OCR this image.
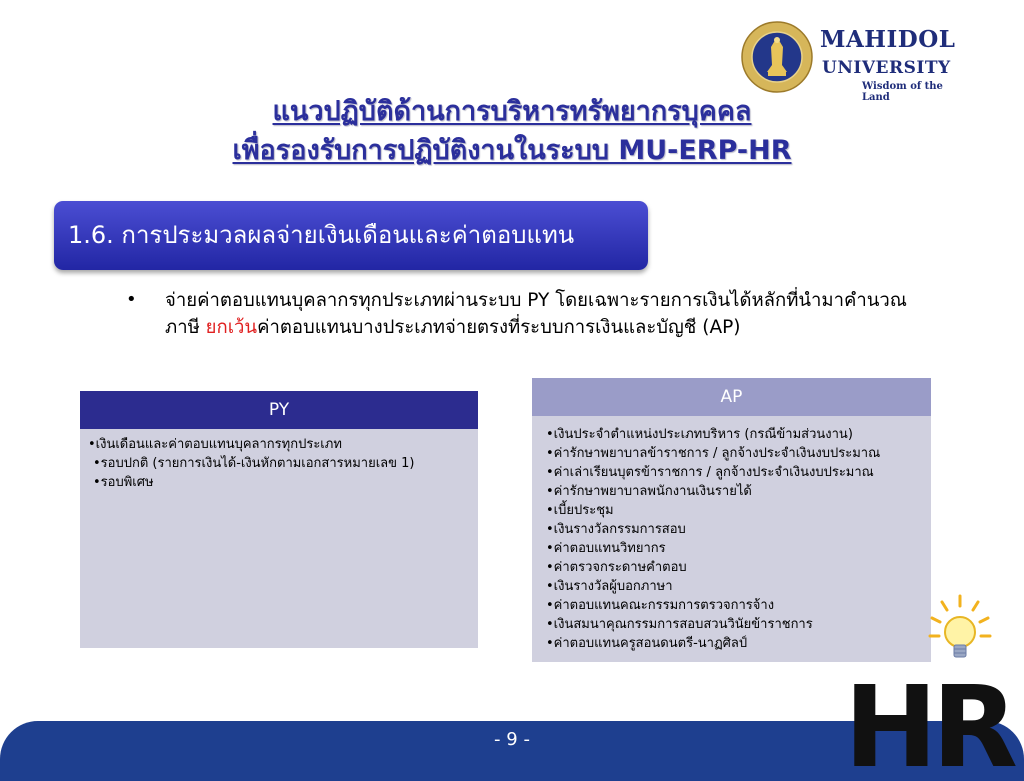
MAHIDOL
UNIVERSITY
Wisdom of the Land
แนวปฏิบัติด้านการบริหารทรัพยากรบุคคล
เพื่อรองรับการปฏิบัติงานในระบบ MU-ERP-HR
1.6. การประมวลผลจ่ายเงินเดือนและค่าตอบแทน
• จ่ายค่าตอบแทนบุคลากรทุกประเภทผ่านระบบ PY โดยเฉพาะรายการเงินได้หลักที่นำมาคำนวณภาษี ยกเว้นค่าตอบแทนบางประเภทจ่ายตรงที่ระบบการเงินและบัญชี (AP)
PY
•เงินเดือนและค่าตอบแทนบุคลากรทุกประเภท
•รอบปกติ (รายการเงินได้-เงินหักตามเอกสารหมายเลข 1)
•รอบพิเศษ
AP
•เงินประจำตำแหน่งประเภทบริหาร (กรณีข้ามส่วนงาน)
•ค่ารักษาพยาบาลข้าราชการ / ลูกจ้างประจำเงินงบประมาณ
•ค่าเล่าเรียนบุตรข้าราชการ / ลูกจ้างประจำเงินงบประมาณ
•ค่ารักษาพยาบาลพนักงานเงินรายได้
•เบี้ยประชุม
•เงินรางวัลกรรมการสอบ
•ค่าตอบแทนวิทยากร
•ค่าตรวจกระดาษคำตอบ
•เงินรางวัลผู้บอกภาษา
•ค่าตอบแทนคณะกรรมการตรวจการจ้าง
•เงินสมนาคุณกรรมการสอบสวนวินัยข้าราชการ
•ค่าตอบแทนครูสอนดนตรี-นาฏศิลป์
- 9 -	HR
